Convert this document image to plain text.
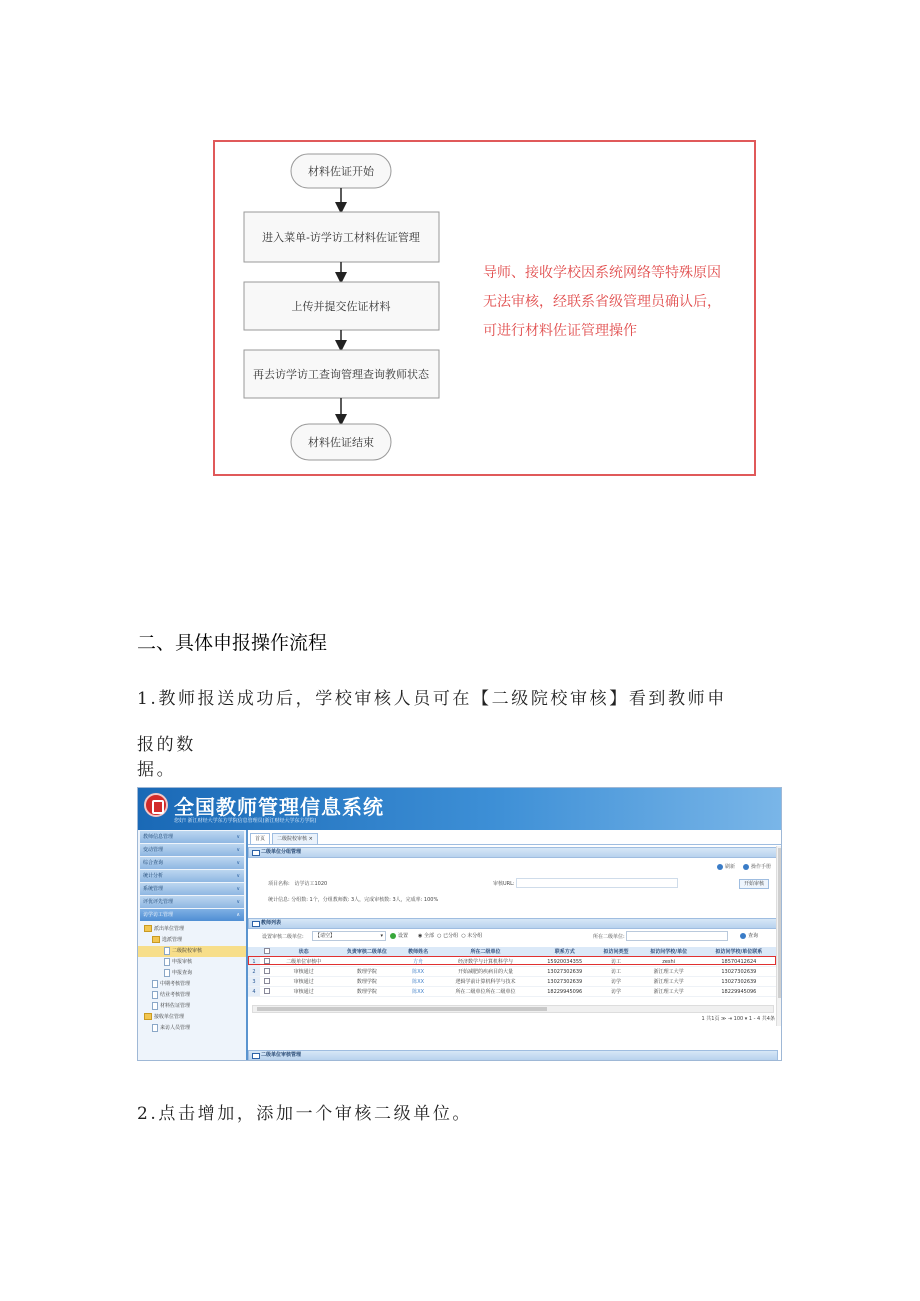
材料佐证开始
进入菜单-访学访工材料佐证管理
上传并提交佐证材料
再去访学访工查询管理查询教师状态
材料佐证结束
导师、接收学校因系统网络等特殊原因
无法审核，经联系省级管理员确认后，
可进行材料佐证管理操作
二、具体申报操作流程
1.教师报送成功后，学校审核人员可在【二级院校审核】看到教师申
报的数
据。
2.点击增加，添加一个审核二级单位。
全国教师管理信息系统
您好! 浙江财经大学东方学院信息管理员(浙江财经大学东方学院)
教师信息管理	∨
变动管理	∨
综合查询	∨
统计分析	∨
系统管理	∨
评优评先管理	∨
访学访工管理	∧
派出单位管理
选派管理
二级院校审核
申报审核
申报查询
中期考核管理
结业考核管理
材料佐证管理
接收单位管理
来访人员管理
首页	二级院校审核 ×
二级单位分组管理
刷新	操作手册
项目名称: 访学访工1020	审核URL:	开始审核
统计信息: 分组数: 1个，分组教师数: 3人，完成审核数: 3人，完成率: 100%
教师列表
设置审核二级单位:	【请空】	▾	设置 ◉ 全部 ○ 已分组 ○ 未分组	所在二级单位:	查询
		状态	负责审核二级单位	教师姓名	所在二级单位	联系方式	拟访问类型	拟访问学校/单位	拟访问学校/单位联系
1		二级单位审核中		方舟	经济数学与计算机科学与	15920034355	访工	zeshi	18570412624
2		审核通过	数理学院	陈XX	开始减肥的疾病目的大量	13027302639	访工	浙江理工大学	13027302639
3		审核通过	数理学院	陈XX	逻辑学前计算机科学与技术	13027302639	访学	浙江理工大学	13027302639
4		审核通过	数理学院	陈XX	所在二级单位所在二级单位	18229945096	访学	浙江理工大学	18229945096
1 共1页 ≫ ⇥ 100 ▾ 1 - 4 共4条
二级单位审核管理
